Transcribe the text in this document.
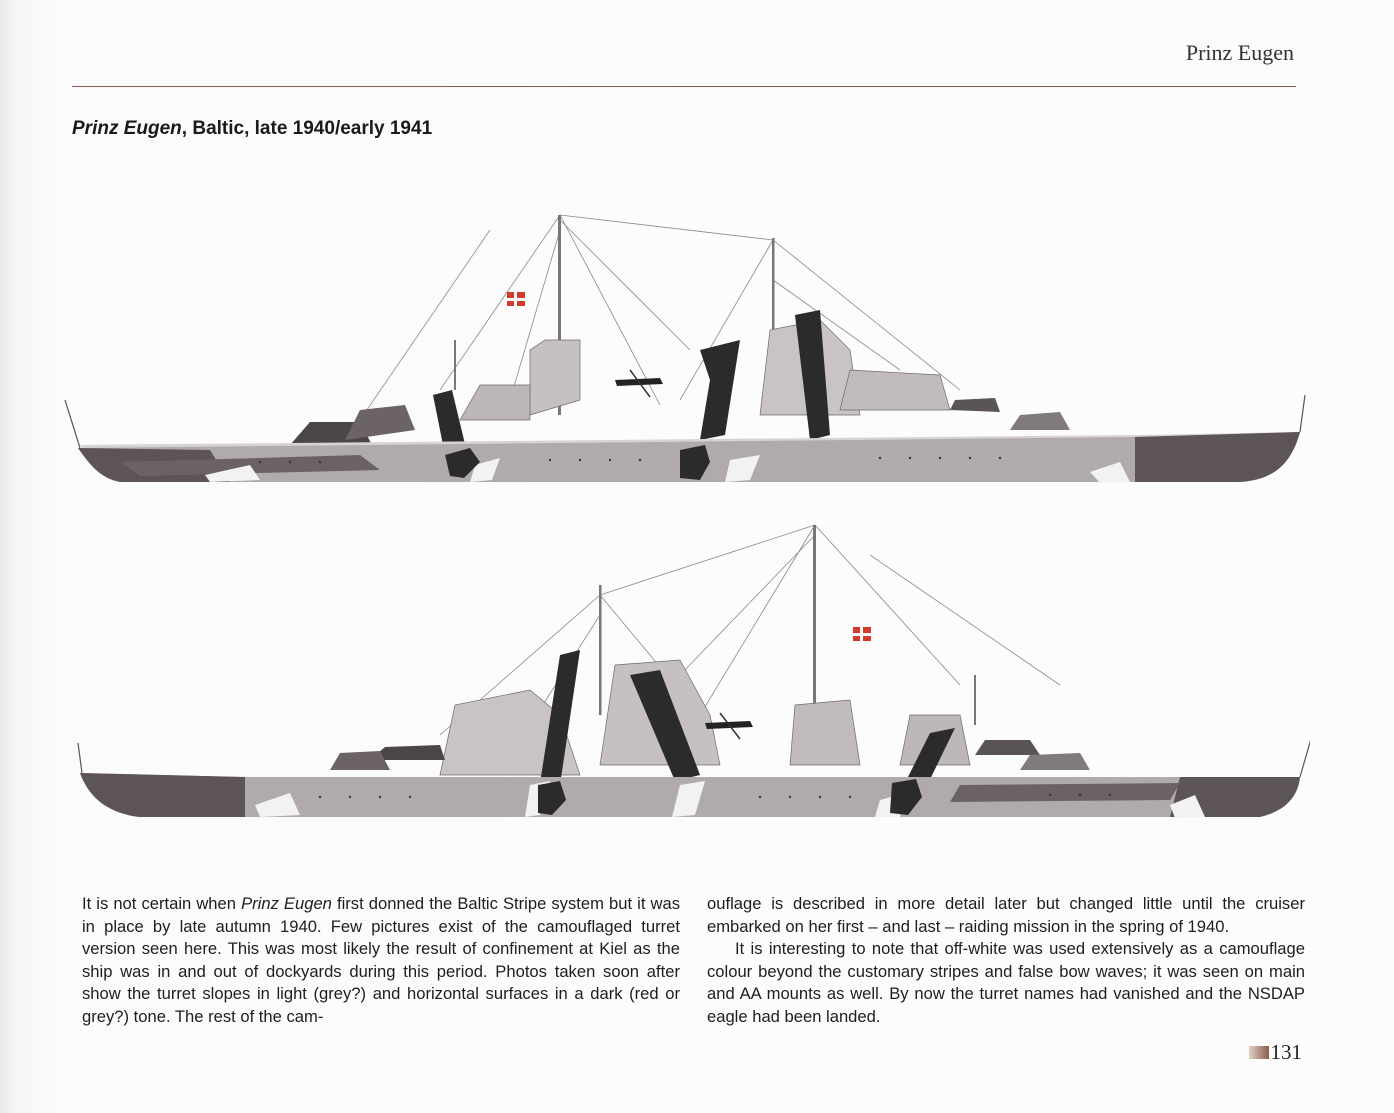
Prinz Eugen
Prinz Eugen, Baltic, late 1940/early 1941

It is not certain when Prinz Eugen first donned the Baltic Stripe system but it was in place by late autumn 1940. Few pictures exist of the camouflaged turret version seen here. This was most likely the result of confinement at Kiel as the ship was in and out of dockyards during this period. Photos taken soon after show the turret slopes in light (grey?) and horizontal surfaces in a dark (red or grey?) tone. The rest of the cam-

ouflage is described in more detail later but changed little until the cruiser embarked on her first – and last – raiding mission in the spring of 1940.

It is interesting to note that off-white was used extensively as a camouflage colour beyond the customary stripes and false bow waves; it was seen on main and AA mounts as well. By now the turret names had vanished and the NSDAP eagle had been landed.

131
